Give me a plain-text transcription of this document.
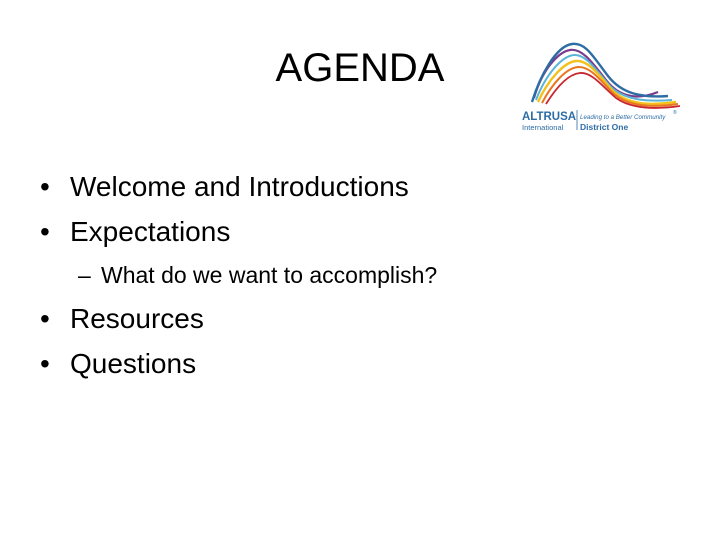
AGENDA
ALTRUSA
International
Leading to a Better Community
®
District One
• Welcome and Introductions
• Expectations
– What do we want to accomplish?
• Resources
• Questions
